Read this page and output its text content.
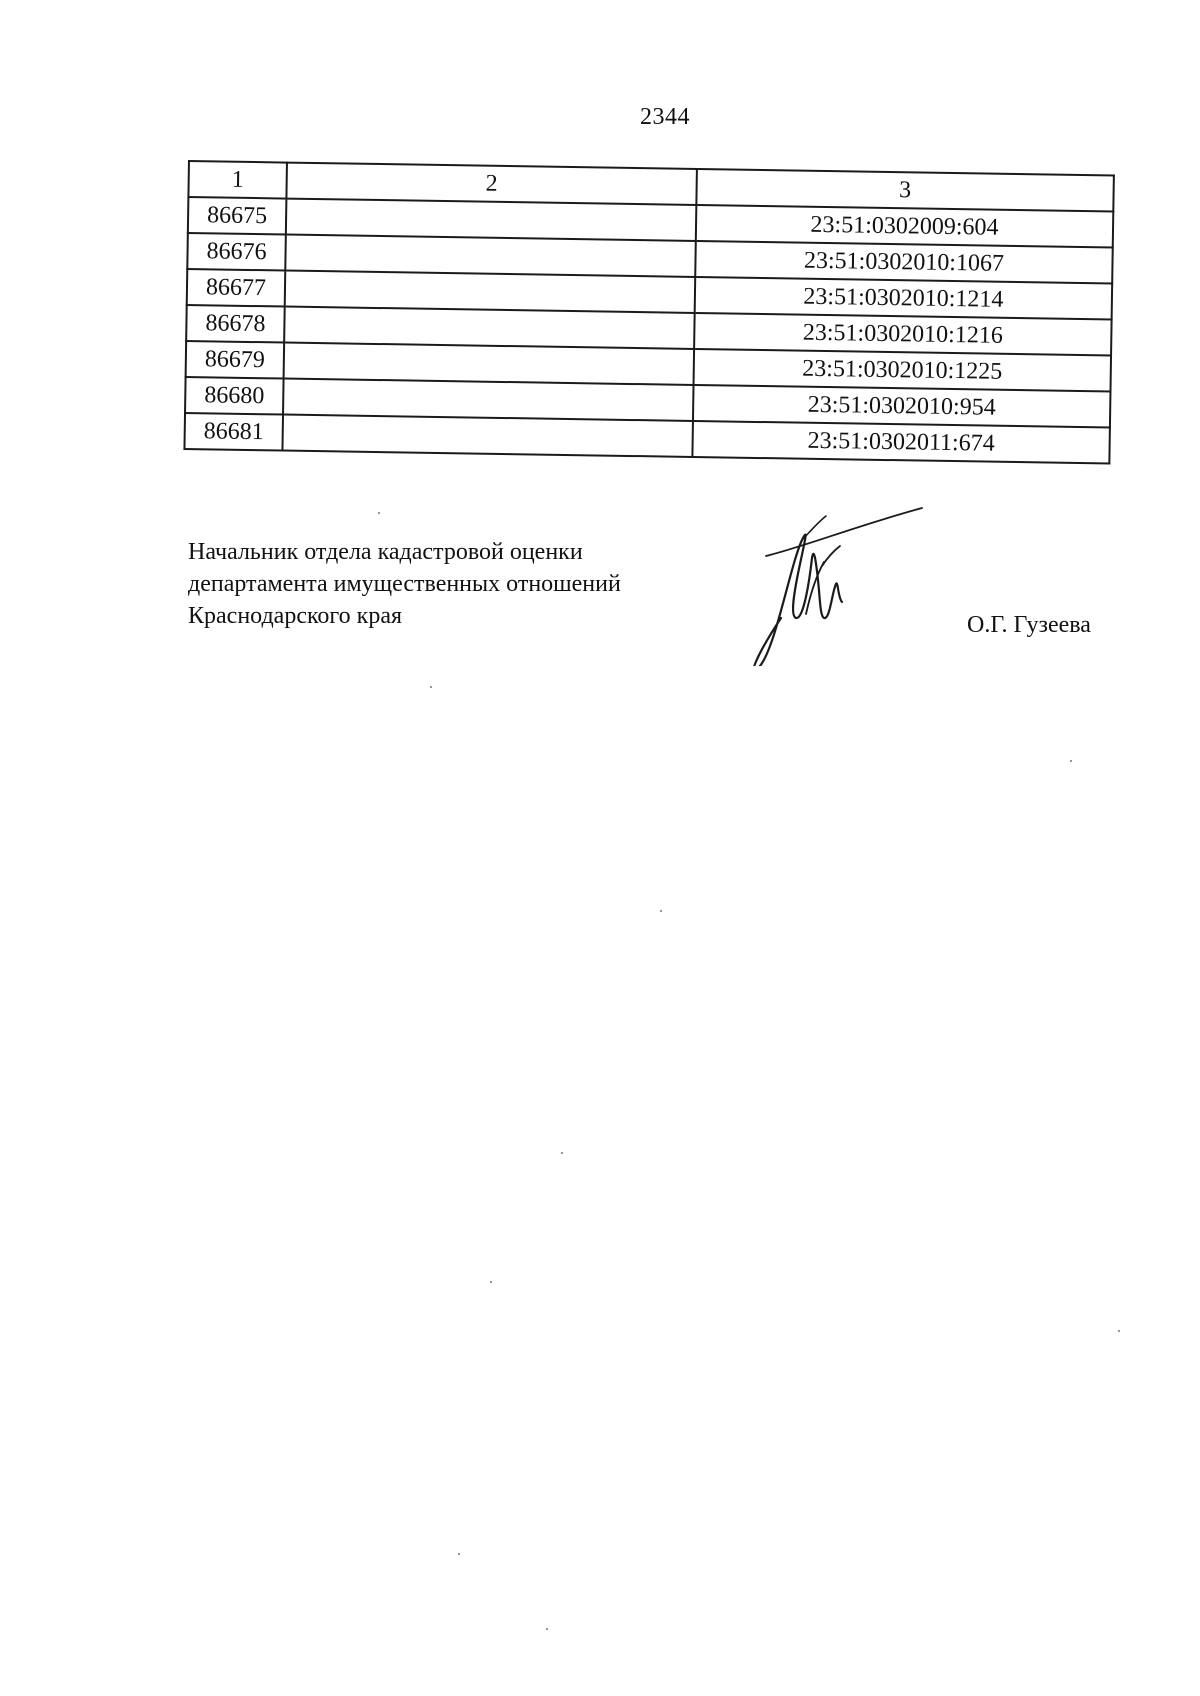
2344
1	2	3
86675		23:51:0302009:604
86676		23:51:0302010:1067
86677		23:51:0302010:1214
86678		23:51:0302010:1216
86679		23:51:0302010:1225
86680		23:51:0302010:954
86681		23:51:0302011:674
Начальник отдела кадастровой оценки
департамента имущественных отношений
Краснодарского края	О.Г. Гузеева
